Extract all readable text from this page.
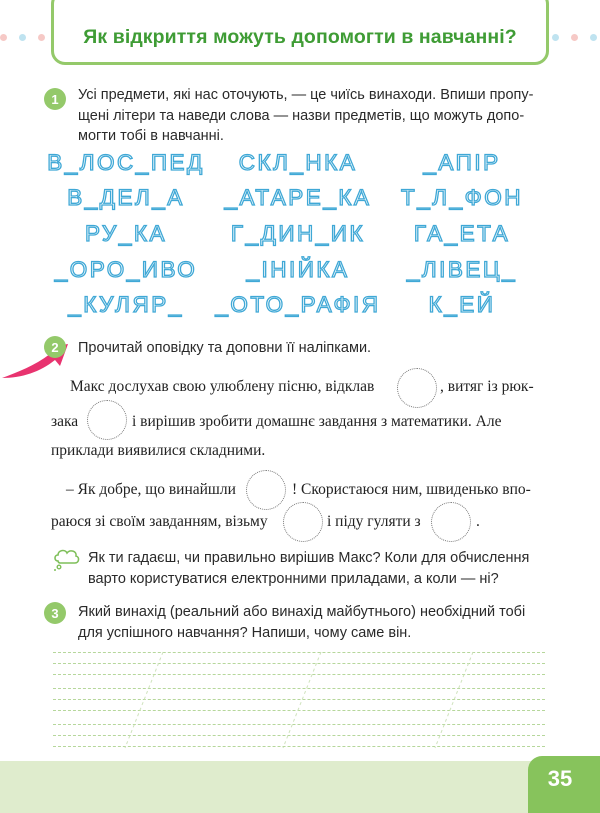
Як відкриття можуть допомогти в навчанні?
1	Усі предмети, які нас оточують, — це чиїсь винаходи. Впиши пропу-
щені літери та наведи слова — назви предметів, що можуть допо-
могти тобі в навчанні.
В_ЛОС_ПЕД	СКЛ_НКА	_АПІР
В_ДЕЛ_А	_АТАРЕ_КА	Т_Л_ФОН
РУ_КА	Г_ДИН_ИК	ГА_ЕТА
_ОРО_ИВО	_ІНІЙКА	_ЛІВЕЦ_
_КУЛЯР_	_ОТО_РАФІЯ	К_ЕЙ
2	Прочитай оповідку та доповни її наліпками.
Макс дослухав свою улюблену пісню, відклав	, витяг із рюк-
зака	і вирішив зробити домашнє завдання з математики. Але
приклади виявилися складними.
– Як добре, що винайшли	! Скористаюся ним, швиденько впо-
раюся зі своїм завданням, візьму	і піду гуляти з	.
Як ти гадаєш, чи правильно вирішив Макс? Коли для обчислення
варто користуватися електронними приладами, а коли — ні?
3	Який винахід (реальний або винахід майбутнього) необхідний тобі
для успішного навчання? Напиши, чому саме він.
35
